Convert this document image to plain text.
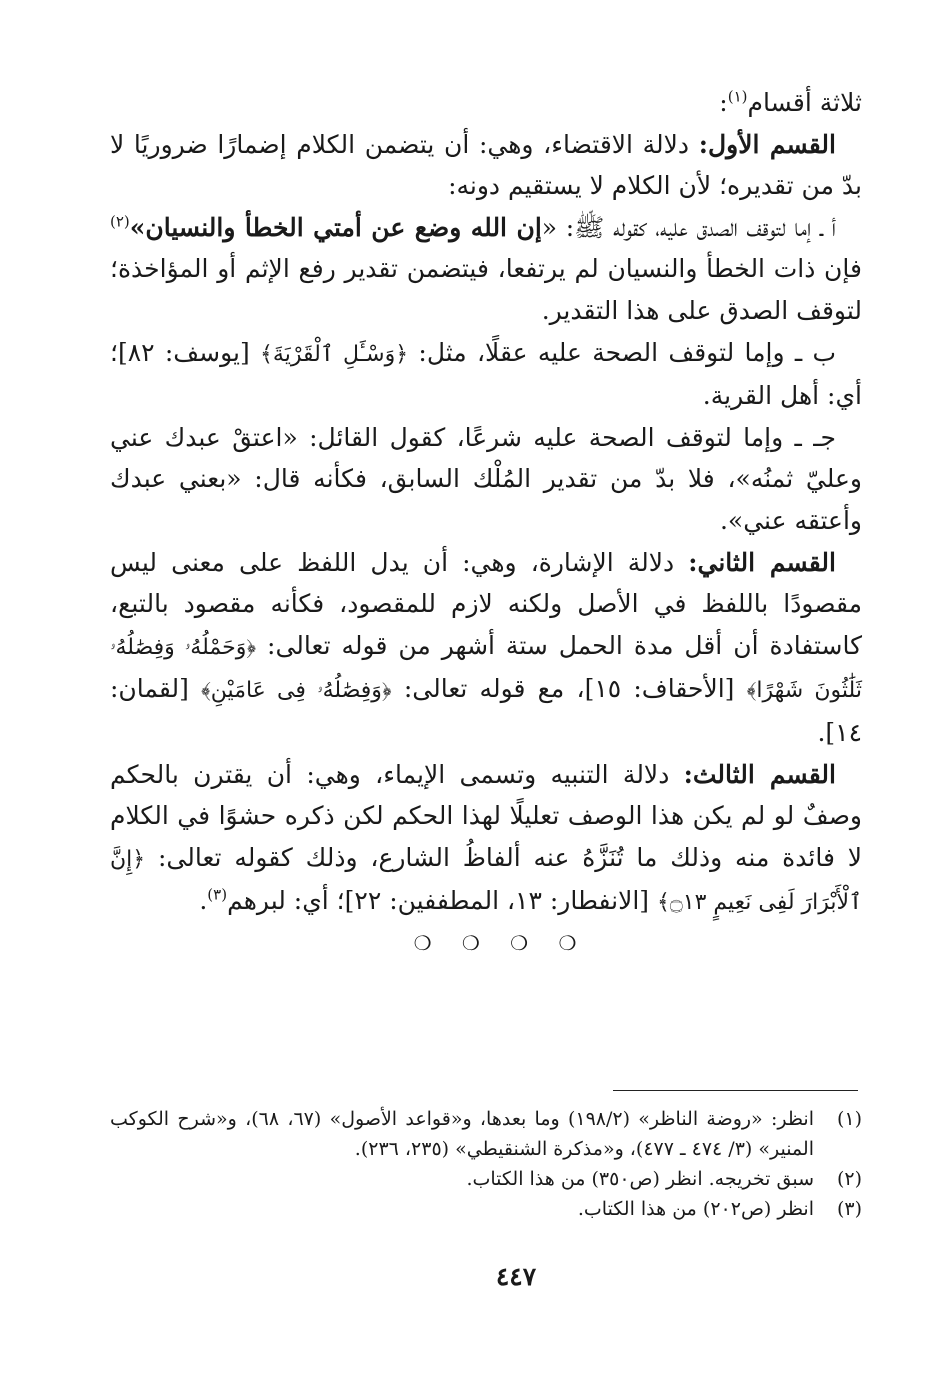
ثلاثة أقسام$^{(١)}$:

القسم الأول: دلالة الاقتضاء، وهي: أن يتضمن الكلام إضمارًا ضروريًا لا بدّ من تقديره؛ لأن الكلام لا يستقيم دونه:

أ ـ إما لتوقف الصدق عليه، كقوله ﷺ: «إن الله وضع عن أمتي الخطأ والنسيان»$^{(٢)}$ فإن ذات الخطأ والنسيان لم يرتفعا، فيتضمن تقدير رفع الإثم أو المؤاخذة؛ لتوقف الصدق على هذا التقدير.

ب ـ وإما لتوقف الصحة عليه عقلًا، مثل: ﴿وَسْـَٔلِ ٱلْقَرْيَةَ﴾ [يوسف: ٨٢]؛ أي: أهل القرية.

جـ ـ وإما لتوقف الصحة عليه شرعًا، كقول القائل: «اعتقْ عبدك عني وعليّ ثمنُه»، فلا بدّ من تقدير المُلْك السابق، فكأنه قال: «بعني عبدك وأعتقه عني».

القسم الثاني: دلالة الإشارة، وهي: أن يدل اللفظ على معنى ليس مقصودًا باللفظ في الأصل ولكنه لازم للمقصود، فكأنه مقصود بالتبع، كاستفادة أن أقل مدة الحمل ستة أشهر من قوله تعالى: ﴿وَحَمْلُهُۥ وَفِصَٰلُهُۥ ثَلَٰثُونَ شَهْرًا﴾ [الأحقاف: ١٥]، مع قوله تعالى: ﴿وَفِصَٰلُهُۥ فِى عَامَيْنِ﴾ [لقمان: ١٤].

القسم الثالث: دلالة التنبيه وتسمى الإيماء، وهي: أن يقترن بالحكم وصفٌ لو لم يكن هذا الوصف تعليلًا لهذا الحكم لكن ذكره حشوًا في الكلام لا فائدة منه وذلك ما تُنَزَّهُ عنه ألفاظُ الشارع، وذلك كقوله تعالى: ﴿إِنَّ ٱلْأَبْرَارَ لَفِى نَعِيمٍ ۝١٣﴾ [الانفطار: ١٣، المطففين: ٢٢]؛ أي: لبرهم$^{(٣)}$.

❍ ❍ ❍ ❍

(١)
انظر: «روضة الناظر» (١٩٨/٢) وما بعدها، و«قواعد الأصول» (٦٧، ٦٨)، و«شرح الكوكب المنير» (٣/ ٤٧٤ ـ ٤٧٧)، و«مذكرة الشنقيطي» (٢٣٥، ٢٣٦).

(٢)
سبق تخريجه. انظر (ص٣٥٠) من هذا الكتاب.

(٣)
انظر (ص٢٠٢) من هذا الكتاب.

٤٤٧
